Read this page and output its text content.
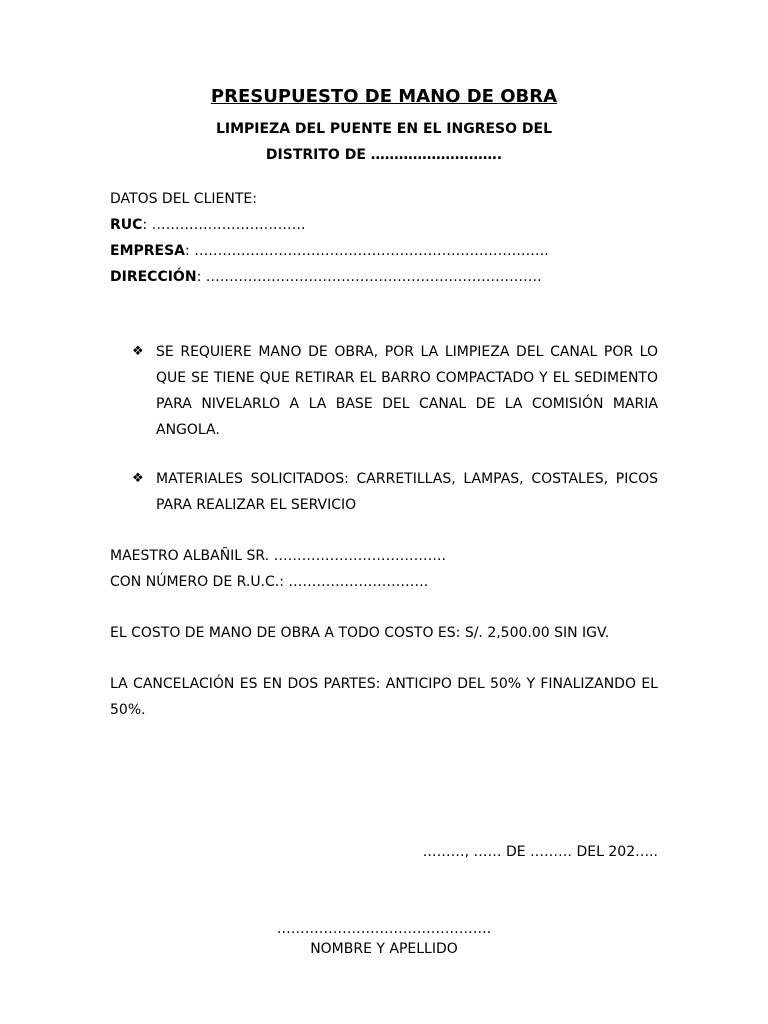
PRESUPUESTO DE MANO DE OBRA
LIMPIEZA DEL PUENTE EN EL INGRESO DEL
DISTRITO DE ……………………….
DATOS DEL CLIENTE:
RUC: ……………………………
EMPRESA: ………………………………………………………………….
DIRECCIÓN: ………………………………………………………………
❖ SE REQUIERE MANO DE OBRA, POR LA LIMPIEZA DEL CANAL POR LO QUE SE TIENE QUE RETIRAR EL BARRO COMPACTADO Y EL SEDIMENTO PARA NIVELARLO A LA BASE DEL CANAL DE LA COMISIÓN MARIA ANGOLA.
❖ MATERIALES SOLICITADOS: CARRETILLAS, LAMPAS, COSTALES, PICOS PARA REALIZAR EL SERVICIO
MAESTRO ALBAÑIL SR. ……………………………….
CON NÚMERO DE R.U.C.: …………………………
EL COSTO DE MANO DE OBRA A TODO COSTO ES: S/. 2,500.00 SIN IGV.
LA CANCELACIÓN ES EN DOS PARTES: ANTICIPO DEL 50% Y FINALIZANDO EL 50%.
………, …… DE ……… DEL 202…..
……………………………………….
NOMBRE Y APELLIDO
